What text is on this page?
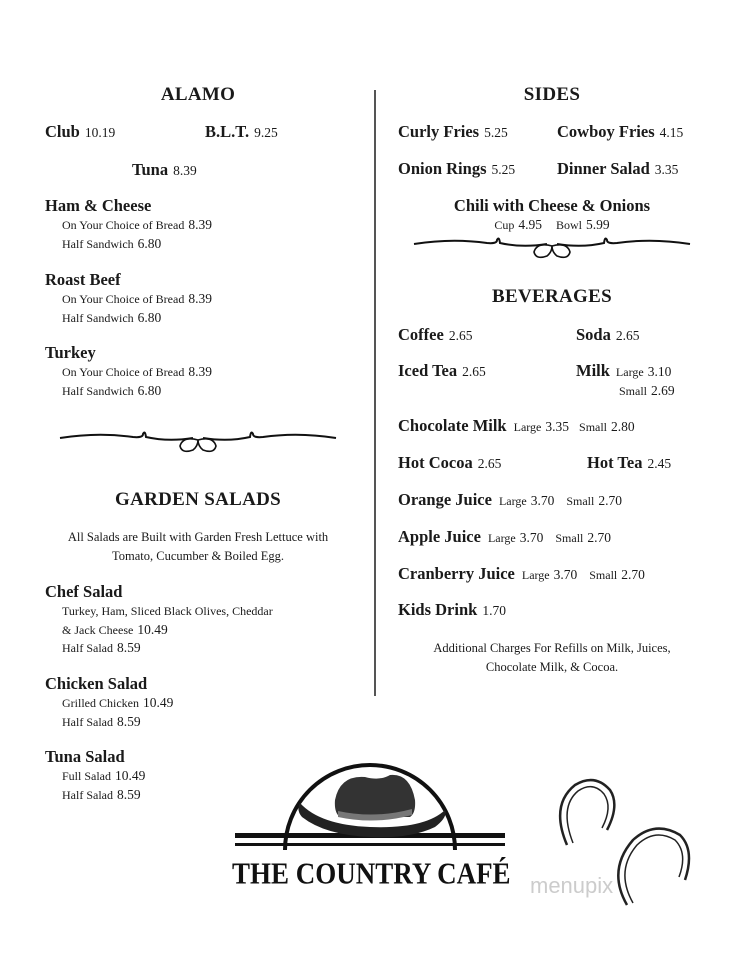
ALAMO
Club 10.19	B.L.T. 9.25
Tuna 8.39
Ham & Cheese
On Your Choice of Bread 8.39
Half Sandwich 6.80
Roast Beef
On Your Choice of Bread 8.39
Half Sandwich 6.80
Turkey
On Your Choice of Bread 8.39
Half Sandwich 6.80
GARDEN SALADS
All Salads are Built with Garden Fresh Lettuce with
Tomato, Cucumber & Boiled Egg.
Chef Salad
Turkey, Ham, Sliced Black Olives, Cheddar
& Jack Cheese 10.49
Half Salad 8.59
Chicken Salad
Grilled Chicken 10.49
Half Salad 8.59
Tuna Salad
Full Salad 10.49
Half Salad 8.59
SIDES
Curly Fries 5.25	Cowboy Fries 4.15
Onion Rings 5.25	Dinner Salad 3.35
Chili with Cheese & Onions
Cup 4.95 Bowl 5.99
BEVERAGES
Coffee 2.65	Soda 2.65
Iced Tea 2.65	Milk Large 3.10
Small 2.69
Chocolate Milk Large 3.35 Small 2.80
Hot Cocoa 2.65	Hot Tea 2.45
Orange Juice Large 3.70 Small 2.70
Apple Juice Large 3.70 Small 2.70
Cranberry Juice Large 3.70 Small 2.70
Kids Drink 1.70
Additional Charges For Refills on Milk, Juices,
Chocolate Milk, & Cocoa.
THE COUNTRY CAFÉ menupix
